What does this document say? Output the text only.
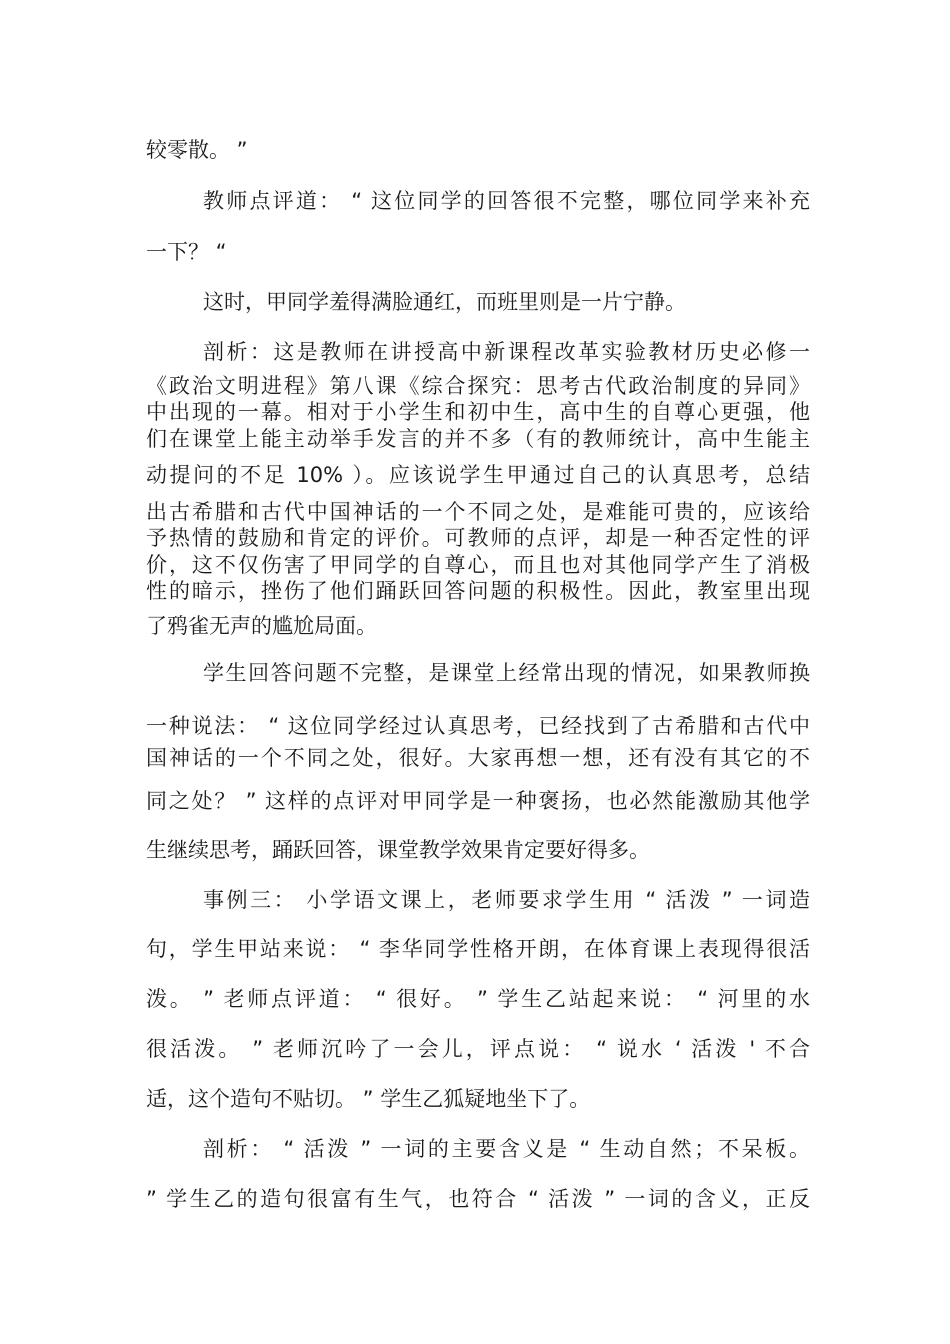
较零散。 ”
教师点评道： “ 这位同学的回答很不完整，哪位同学来补充
一下？ “
这时，甲同学羞得满脸通红，而班里则是一片宁静。
剖析：这是教师在讲授高中新课程改革实验教材历史必修一
《政治文明进程》第八课《综合探究：思考古代政治制度的异同》
中出现的一幕。相对于小学生和初中生，高中生的自尊心更强，他
们在课堂上能主动举手发言的并不多（有的教师统计，高中生能主
动提问的不足 10% ）。应该说学生甲通过自己的认真思考，总结
出古希腊和古代中国神话的一个不同之处，是难能可贵的，应该给
予热情的鼓励和肯定的评价。可教师的点评，却是一种否定性的评
价，这不仅伤害了甲同学的自尊心，而且也对其他同学产生了消极
性的暗示，挫伤了他们踊跃回答问题的积极性。因此，教室里出现
了鸦雀无声的尴尬局面。
学生回答问题不完整，是课堂上经常出现的情况，如果教师换
一种说法： “ 这位同学经过认真思考，已经找到了古希腊和古代中
国神话的一个不同之处，很好。大家再想一想，还有没有其它的不
同之处？ ” 这样的点评对甲同学是一种褒扬，也必然能激励其他学
生继续思考，踊跃回答，课堂教学效果肯定要好得多。
事例三： 小学语文课上，老师要求学生用 “ 活泼 ” 一词造
句，学生甲站来说： “ 李华同学性格开朗，在体育课上表现得很活
泼。 ” 老师点评道： “ 很好。 ” 学生乙站起来说： “ 河里的水
很活泼。 ” 老师沉吟了一会儿，评点说： “ 说水 ‘ 活泼 ' 不合
适，这个造句不贴切。 ” 学生乙狐疑地坐下了。
剖析： “ 活泼 ” 一词的主要含义是 “ 生动自然；不呆板。
” 学生乙的造句很富有生气，也符合 “ 活泼 ” 一词的含义，正反
